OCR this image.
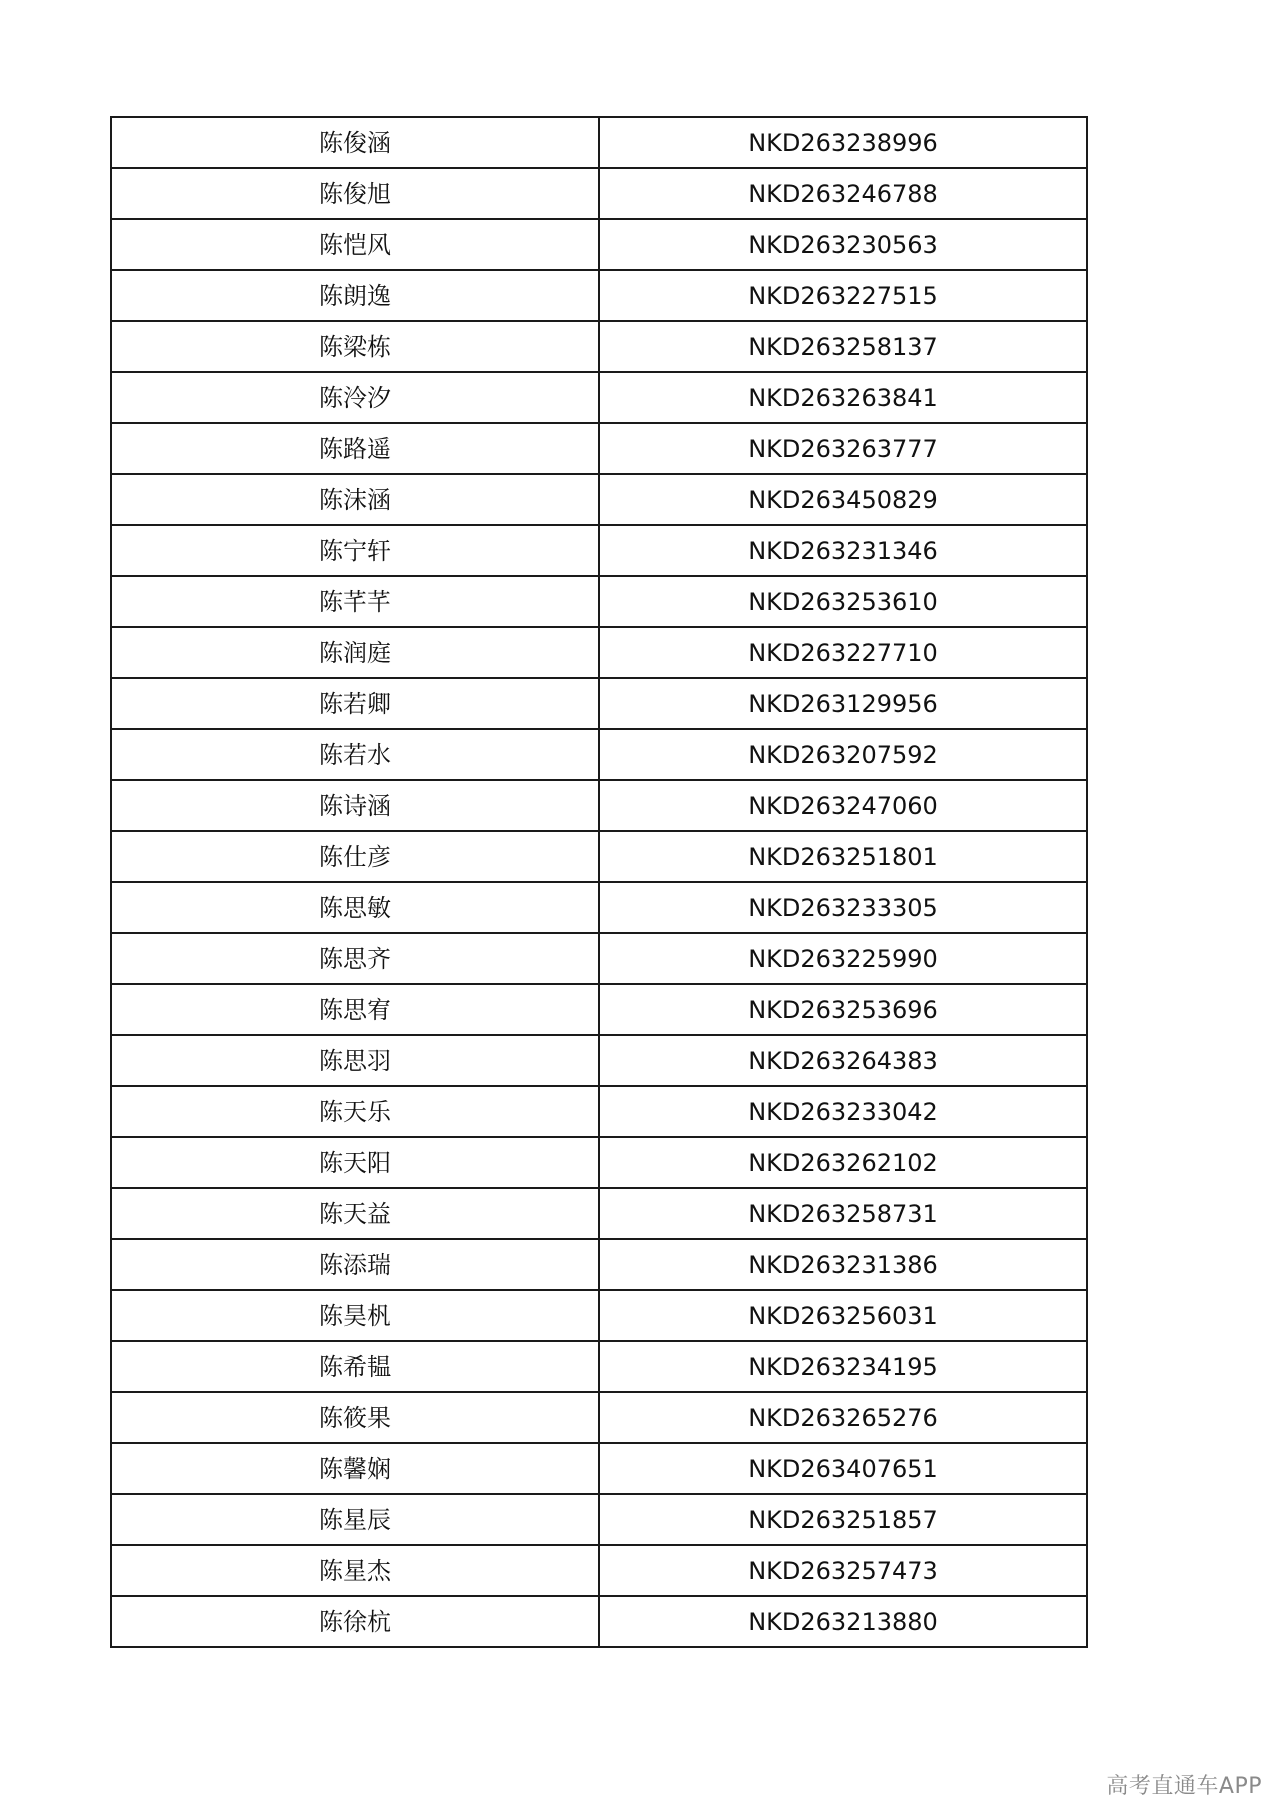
陈俊涵	NKD263238996
陈俊旭	NKD263246788
陈恺风	NKD263230563
陈朗逸	NKD263227515
陈梁栋	NKD263258137
陈泠汐	NKD263263841
陈路遥	NKD263263777
陈沫涵	NKD263450829
陈宁轩	NKD263231346
陈芊芊	NKD263253610
陈润庭	NKD263227710
陈若卿	NKD263129956
陈若水	NKD263207592
陈诗涵	NKD263247060
陈仕彦	NKD263251801
陈思敏	NKD263233305
陈思齐	NKD263225990
陈思宥	NKD263253696
陈思羽	NKD263264383
陈天乐	NKD263233042
陈天阳	NKD263262102
陈天益	NKD263258731
陈添瑞	NKD263231386
陈昊杋	NKD263256031
陈希韫	NKD263234195
陈筱果	NKD263265276
陈馨娴	NKD263407651
陈星辰	NKD263251857
陈星杰	NKD263257473
陈徐杭	NKD263213880
高考直通车APP
